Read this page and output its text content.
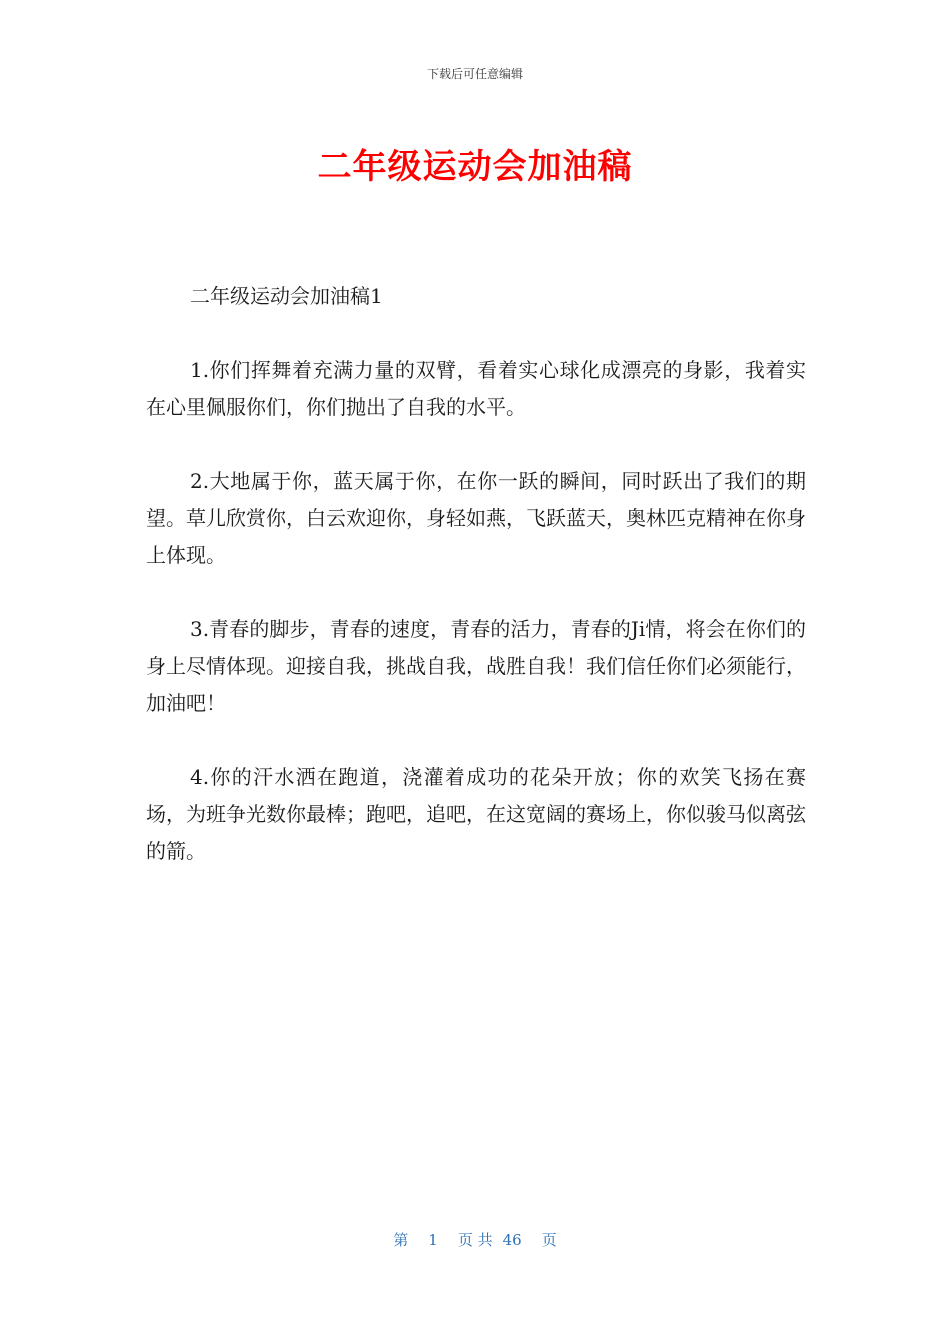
下载后可任意编辑
二年级运动会加油稿

二年级运动会加油稿1

1.你们挥舞着充满力量的双臂，看着实心球化成漂亮的身影，我着实在心里佩服你们，你们抛出了自我的水平。

2.大地属于你，蓝天属于你，在你一跃的瞬间，同时跃出了我们的期望。草儿欣赏你，白云欢迎你，身轻如燕，飞跃蓝天，奥林匹克精神在你身上体现。

3.青春的脚步，青春的速度，青春的活力，青春的Ji情，将会在你们的身上尽情体现。迎接自我，挑战自我，战胜自我！我们信任你们必须能行，加油吧！

4.你的汗水洒在跑道，浇灌着成功的花朵开放；你的欢笑飞扬在赛场，为班争光数你最棒；跑吧，追吧，在这宽阔的赛场上，你似骏马似离弦的箭。

第 1 页 共 46 页
